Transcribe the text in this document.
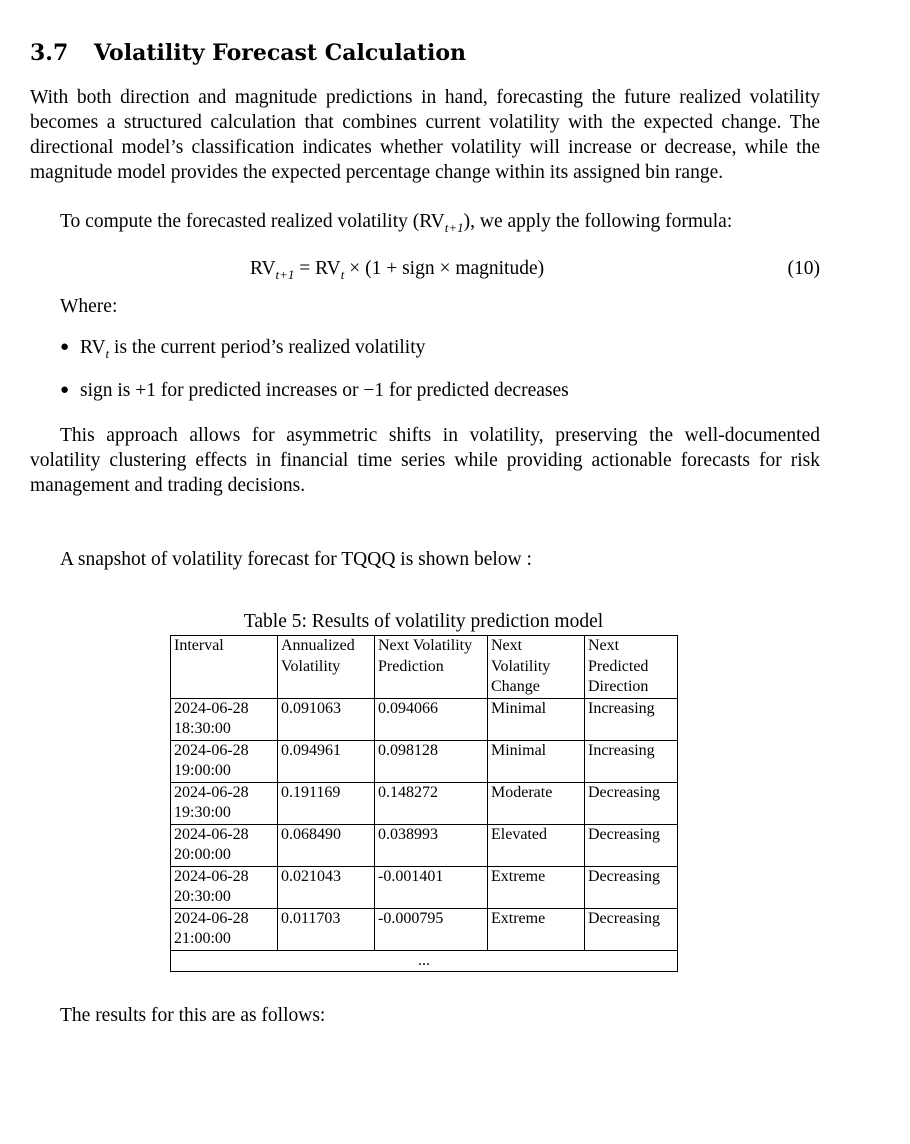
3.7 Volatility Forecast Calculation

With both direction and magnitude predictions in hand, forecasting the future realized volatility becomes a structured calculation that combines current volatility with the expected change. The directional model’s classification indicates whether volatility will increase or decrease, while the magnitude model provides the expected percentage change within its assigned bin range.

To compute the forecasted realized volatility $(RV_{t+1})$, we apply the following formula:

$RV_{t+1} = RV_t \times (1$ + sign × magnitude)	(10)

Where:

● $RV_t$ is the current period’s realized volatility
● sign is +1 for predicted increases or −1 for predicted decreases

This approach allows for asymmetric shifts in volatility, preserving the well-documented volatility clustering effects in financial time series while providing actionable forecasts for risk management and trading decisions.

A snapshot of volatility forecast for TQQQ is shown below :

Table 5: Results of volatility prediction model

Interval	Annualized Volatility	Next Volatility Prediction	Next Volatility Change	Next Predicted Direction
2024-06-28 18:30:00	0.091063	0.094066	Minimal	Increasing
2024-06-28 19:00:00	0.094961	0.098128	Minimal	Increasing
2024-06-28 19:30:00	0.191169	0.148272	Moderate	Decreasing
2024-06-28 20:00:00	0.068490	0.038993	Elevated	Decreasing
2024-06-28 20:30:00	0.021043	-0.001401	Extreme	Decreasing
2024-06-28 21:00:00	0.011703	-0.000795	Extreme	Decreasing
...				

The results for this are as follows:
